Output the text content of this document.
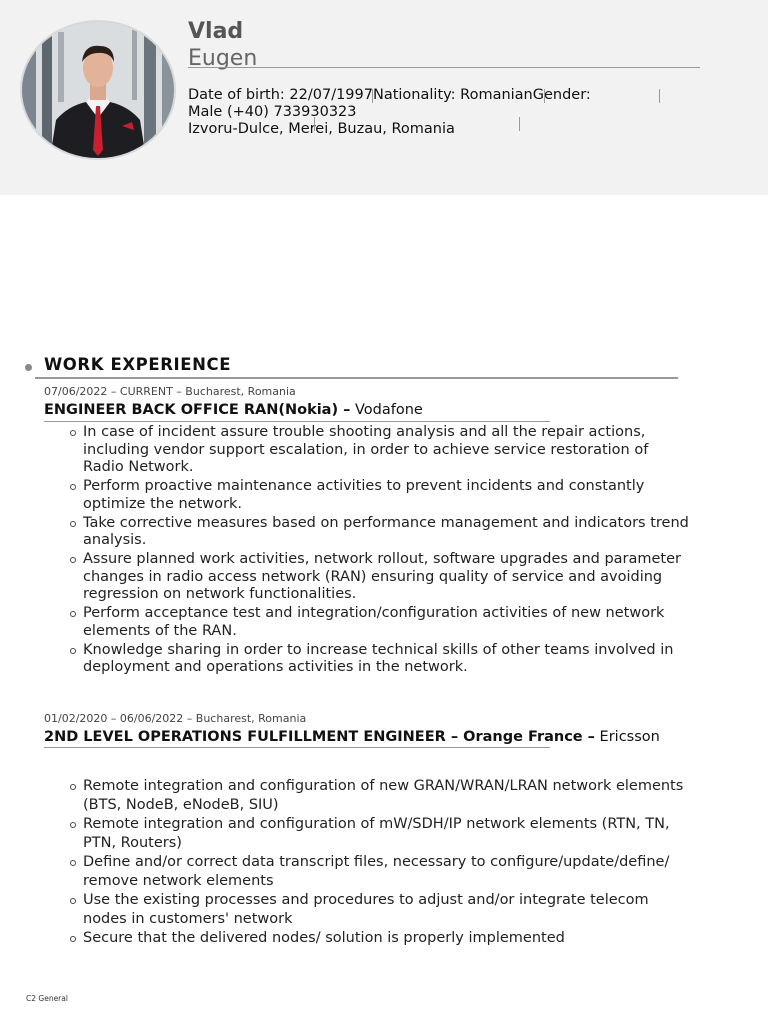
Vlad
Eugen
Date of birth: 22/07/1997Nationality: RomanianGender:
Male (+40) 733930323
Izvoru-Dulce, Merei, Buzau, Romania
WORK EXPERIENCE
07/06/2022 – CURRENT – Bucharest, Romania
ENGINEER BACK OFFICE RAN(Nokia) – Vodafone
In case of incident assure trouble shooting analysis and all the repair actions, including vendor support escalation, in order to achieve service restoration of Radio Network.
Perform proactive maintenance activities to prevent incidents and constantly optimize the network.
Take corrective measures based on performance management and indicators trend analysis.
Assure planned work activities, network rollout, software upgrades and parameter changes in radio access network (RAN) ensuring quality of service and avoiding regression on network functionalities.
Perform acceptance test and integration/configuration activities of new network elements of the RAN.
Knowledge sharing in order to increase technical skills of other teams involved in deployment and operations activities in the network.
01/02/2020 – 06/06/2022 – Bucharest, Romania
2ND LEVEL OPERATIONS FULFILLMENT ENGINEER – Orange France – Ericsson
Remote integration and configuration of new GRAN/WRAN/LRAN network elements (BTS, NodeB, eNodeB, SIU)
Remote integration and configuration of mW/SDH/IP network elements (RTN, TN, PTN, Routers)
Define and/or correct data transcript files, necessary to configure/update/define/ remove network elements
Use the existing processes and procedures to adjust and/or integrate telecom nodes in customers' network
Secure that the delivered nodes/ solution is properly implemented
C2 General
